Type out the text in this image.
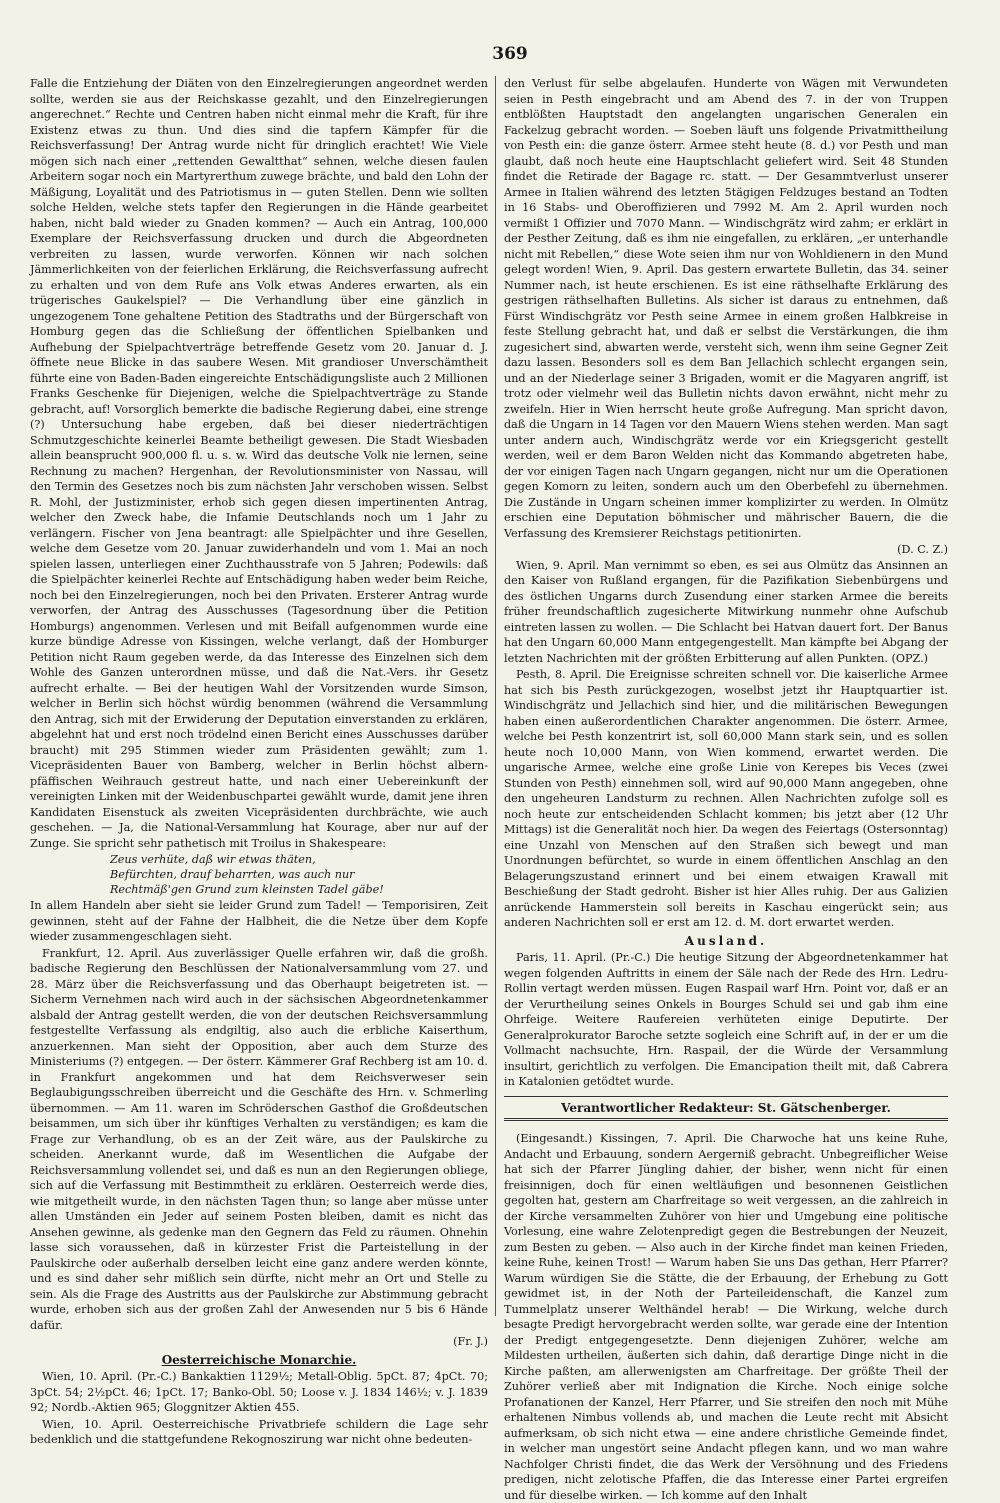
369

Falle die Entziehung der Diäten von den Einzelregierungen angeordnet werden sollte, werden sie aus der Reichskasse gezahlt, und den Einzelregierungen angerechnet.“ Rechte und Centren haben nicht einmal mehr die Kraft, für ihre Existenz etwas zu thun. Und dies sind die tapfern Kämpfer für die Reichsverfassung! Der Antrag wurde nicht für dringlich erachtet! Wie Viele mögen sich nach einer „rettenden Gewaltthat“ sehnen, welche diesen faulen Arbeitern sogar noch ein Martyrerthum zuwege brächte, und bald den Lohn der Mäßigung, Loyalität und des Patriotismus in — guten Stellen. Denn wie sollten solche Helden, welche stets tapfer den Regierungen in die Hände gearbeitet haben, nicht bald wieder zu Gnaden kommen? — Auch ein Antrag, 100,000 Exemplare der Reichsverfassung drucken und durch die Abgeordneten verbreiten zu lassen, wurde verworfen. Können wir nach solchen Jämmerlichkeiten von der feierlichen Erklärung, die Reichsverfassung aufrecht zu erhalten und von dem Rufe ans Volk etwas Anderes erwarten, als ein trügerisches Gaukelspiel? — Die Verhandlung über eine gänzlich in ungezogenem Tone gehaltene Petition des Stadtraths und der Bürgerschaft von Homburg gegen das die Schließung der öffentlichen Spielbanken und Aufhebung der Spielpachtverträge betreffende Gesetz vom 20. Januar d. J. öffnete neue Blicke in das saubere Wesen. Mit grandioser Unverschämtheit führte eine von Baden-Baden eingereichte Entschädigungsliste auch 2 Millionen Franks Geschenke für Diejenigen, welche die Spielpachtverträge zu Stande gebracht, auf! Vorsorglich bemerkte die badische Regierung dabei, eine strenge (?) Untersuchung habe ergeben, daß bei dieser niederträchtigen Schmutzgeschichte keinerlei Beamte betheiligt gewesen. Die Stadt Wiesbaden allein beansprucht 900,000 fl. u. s. w. Wird das deutsche Volk nie lernen, seine Rechnung zu machen? Hergenhan, der Revolutionsminister von Nassau, will den Termin des Gesetzes noch bis zum nächsten Jahr verschoben wissen. Selbst R. Mohl, der Justizminister, erhob sich gegen diesen impertinenten Antrag, welcher den Zweck habe, die Infamie Deutschlands noch um 1 Jahr zu verlängern. Fischer von Jena beantragt: alle Spielpächter und ihre Gesellen, welche dem Gesetze vom 20. Januar zuwiderhandeln und vom 1. Mai an noch spielen lassen, unterliegen einer Zuchthausstrafe von 5 Jahren; Podewils: daß die Spielpächter keinerlei Rechte auf Entschädigung haben weder beim Reiche, noch bei den Einzelregierungen, noch bei den Privaten. Ersterer Antrag wurde verworfen, der Antrag des Ausschusses (Tagesordnung über die Petition Homburgs) angenommen. Verlesen und mit Beifall aufgenommen wurde eine kurze bündige Adresse von Kissingen, welche verlangt, daß der Homburger Petition nicht Raum gegeben werde, da das Interesse des Einzelnen sich dem Wohle des Ganzen unterordnen müsse, und daß die Nat.-Vers. ihr Gesetz aufrecht erhalte. — Bei der heutigen Wahl der Vorsitzenden wurde Simson, welcher in Berlin sich höchst würdig benommen (während die Versammlung den Antrag, sich mit der Erwiderung der Deputation einverstanden zu erklären, abgelehnt hat und erst noch trödelnd einen Bericht eines Ausschusses darüber braucht) mit 295 Stimmen wieder zum Präsidenten gewählt; zum 1. Vicepräsidenten Bauer von Bamberg, welcher in Berlin höchst albern-pfäffischen Weihrauch gestreut hatte, und nach einer Uebereinkunft der vereinigten Linken mit der Weidenbuschpartei gewählt wurde, damit jene ihren Kandidaten Eisenstuck als zweiten Vicepräsidenten durchbrächte, wie auch geschehen. — Ja, die National-Versammlung hat Kourage, aber nur auf der Zunge. Sie spricht sehr pathetisch mit Troilus in Shakespeare:

Zeus verhüte, daß wir etwas thäten,
Befürchten, drauf beharrten, was auch nur
Rechtmäß'gen Grund zum kleinsten Tadel gäbe!

In allem Handeln aber sieht sie leider Grund zum Tadel! — Temporisiren, Zeit gewinnen, steht auf der Fahne der Halbheit, die die Netze über dem Kopfe wieder zusammengeschlagen sieht.

Frankfurt, 12. April. Aus zuverlässiger Quelle erfahren wir, daß die großh. badische Regierung den Beschlüssen der Nationalversammlung vom 27. und 28. März über die Reichsverfassung und das Oberhaupt beigetreten ist. — Sicherm Vernehmen nach wird auch in der sächsischen Abgeordnetenkammer alsbald der Antrag gestellt werden, die von der deutschen Reichsversammlung festgestellte Verfassung als endgiltig, also auch die erbliche Kaiserthum, anzuerkennen. Man sieht der Opposition, aber auch dem Sturze des Ministeriums (?) entgegen. — Der österr. Kämmerer Graf Rechberg ist am 10. d. in Frankfurt angekommen und hat dem Reichsverweser sein Beglaubigungsschreiben überreicht und die Geschäfte des Hrn. v. Schmerling übernommen. — Am 11. waren im Schröderschen Gasthof die Großdeutschen beisammen, um sich über ihr künftiges Verhalten zu verständigen; es kam die Frage zur Verhandlung, ob es an der Zeit wäre, aus der Paulskirche zu scheiden. Anerkannt wurde, daß im Wesentlichen die Aufgabe der Reichsversammlung vollendet sei, und daß es nun an den Regierungen obliege, sich auf die Verfassung mit Bestimmtheit zu erklären. Oesterreich werde dies, wie mitgetheilt wurde, in den nächsten Tagen thun; so lange aber müsse unter allen Umständen ein Jeder auf seinem Posten bleiben, damit es nicht das Ansehen gewinne, als gedenke man den Gegnern das Feld zu räumen. Ohnehin lasse sich voraussehen, daß in kürzester Frist die Parteistellung in der Paulskirche oder außerhalb derselben leicht eine ganz andere werden könnte, und es sind daher sehr mißlich sein dürfte, nicht mehr an Ort und Stelle zu sein. Als die Frage des Austritts aus der Paulskirche zur Abstimmung gebracht wurde, erhoben sich aus der großen Zahl der Anwesenden nur 5 bis 6 Hände dafür.

(Fr. J.)
Oesterreichische Monarchie.

Wien, 10. April. (Pr.-C.) Bankaktien 1129½; Metall-Oblig. 5pCt. 87; 4pCt. 70; 3pCt. 54; 2½pCt. 46; 1pCt. 17; Banko-Obl. 50; Loose v. J. 1834 146½; v. J. 1839 92; Nordb.-Aktien 965; Gloggnitzer Aktien 455.

Wien, 10. April. Oesterreichische Privatbriefe schildern die Lage sehr bedenklich und die stattgefundene Rekognoszirung war nicht ohne bedeuten-

den Verlust für selbe abgelaufen. Hunderte von Wägen mit Verwundeten seien in Pesth eingebracht und am Abend des 7. in der von Truppen entblößten Hauptstadt den angelangten ungarischen Generalen ein Fackelzug gebracht worden. — Soeben läuft uns folgende Privatmittheilung von Pesth ein: die ganze österr. Armee steht heute (8. d.) vor Pesth und man glaubt, daß noch heute eine Hauptschlacht geliefert wird. Seit 48 Stunden findet die Retirade der Bagage rc. statt. — Der Gesammtverlust unserer Armee in Italien während des letzten 5tägigen Feldzuges bestand an Todten in 16 Stabs- und Oberoffizieren und 7992 M. Am 2. April wurden noch vermißt 1 Offizier und 7070 Mann. — Windischgrätz wird zahm; er erklärt in der Pesther Zeitung, daß es ihm nie eingefallen, zu erklären, „er unterhandle nicht mit Rebellen,“ diese Wote seien ihm nur von Wohldienern in den Mund gelegt worden! Wien, 9. April. Das gestern erwartete Bulletin, das 34. seiner Nummer nach, ist heute erschienen. Es ist eine räthselhafte Erklärung des gestrigen räthselhaften Bulletins. Als sicher ist daraus zu entnehmen, daß Fürst Windischgrätz vor Pesth seine Armee in einem großen Halbkreise in feste Stellung gebracht hat, und daß er selbst die Verstärkungen, die ihm zugesichert sind, abwarten werde, versteht sich, wenn ihm seine Gegner Zeit dazu lassen. Besonders soll es dem Ban Jellachich schlecht ergangen sein, und an der Niederlage seiner 3 Brigaden, womit er die Magyaren angriff, ist trotz oder vielmehr weil das Bulletin nichts davon erwähnt, nicht mehr zu zweifeln. Hier in Wien herrscht heute große Aufregung. Man spricht davon, daß die Ungarn in 14 Tagen vor den Mauern Wiens stehen werden. Man sagt unter andern auch, Windischgrätz werde vor ein Kriegsgericht gestellt werden, weil er dem Baron Welden nicht das Kommando abgetreten habe, der vor einigen Tagen nach Ungarn gegangen, nicht nur um die Operationen gegen Komorn zu leiten, sondern auch um den Oberbefehl zu übernehmen. Die Zustände in Ungarn scheinen immer komplizirter zu werden. In Olmütz erschien eine Deputation böhmischer und mährischer Bauern, die die Verfassung des Kremsierer Reichstags petitionirten.

(D. C. Z.)

Wien, 9. April. Man vernimmt so eben, es sei aus Olmütz das Ansinnen an den Kaiser von Rußland ergangen, für die Pazifikation Siebenbürgens und des östlichen Ungarns durch Zusendung einer starken Armee die bereits früher freundschaftlich zugesicherte Mitwirkung nunmehr ohne Aufschub eintreten lassen zu wollen. — Die Schlacht bei Hatvan dauert fort. Der Banus hat den Ungarn 60,000 Mann entgegengestellt. Man kämpfte bei Abgang der letzten Nachrichten mit der größten Erbitterung auf allen Punkten. (OPZ.)

Pesth, 8. April. Die Ereignisse schreiten schnell vor. Die kaiserliche Armee hat sich bis Pesth zurückgezogen, woselbst jetzt ihr Hauptquartier ist. Windischgrätz und Jellachich sind hier, und die militärischen Bewegungen haben einen außerordentlichen Charakter angenommen. Die österr. Armee, welche bei Pesth konzentrirt ist, soll 60,000 Mann stark sein, und es sollen heute noch 10,000 Mann, von Wien kommend, erwartet werden. Die ungarische Armee, welche eine große Linie von Kerepes bis Veces (zwei Stunden von Pesth) einnehmen soll, wird auf 90,000 Mann angegeben, ohne den ungeheuren Landsturm zu rechnen. Allen Nachrichten zufolge soll es noch heute zur entscheidenden Schlacht kommen; bis jetzt aber (12 Uhr Mittags) ist die Generalität noch hier. Da wegen des Feiertags (Ostersonntag) eine Unzahl von Menschen auf den Straßen sich bewegt und man Unordnungen befürchtet, so wurde in einem öffentlichen Anschlag an den Belagerungszustand erinnert und bei einem etwaigen Krawall mit Beschießung der Stadt gedroht. Bisher ist hier Alles ruhig. Der aus Galizien anrückende Hammerstein soll bereits in Kaschau eingerückt sein; aus anderen Nachrichten soll er erst am 12. d. M. dort erwartet werden.

Ausland.

Paris, 11. April. (Pr.-C.) Die heutige Sitzung der Abgeordnetenkammer hat wegen folgenden Auftritts in einem der Säle nach der Rede des Hrn. Ledru-Rollin vertagt werden müssen. Eugen Raspail warf Hrn. Point vor, daß er an der Verurtheilung seines Onkels in Bourges Schuld sei und gab ihm eine Ohrfeige. Weitere Raufereien verhüteten einige Deputirte. Der Generalprokurator Baroche setzte sogleich eine Schrift auf, in der er um die Vollmacht nachsuchte, Hrn. Raspail, der die Würde der Versammlung insultirt, gerichtlich zu verfolgen. Die Emancipation theilt mit, daß Cabrera in Katalonien getödtet wurde.

Verantwortlicher Redakteur: St. Gätschenberger.

(Eingesandt.) Kissingen, 7. April. Die Charwoche hat uns keine Ruhe, Andacht und Erbauung, sondern Aergerniß gebracht. Unbegreiflicher Weise hat sich der Pfarrer Jüngling dahier, der bisher, wenn nicht für einen freisinnigen, doch für einen weltläufigen und besonnenen Geistlichen gegolten hat, gestern am Charfreitage so weit vergessen, an die zahlreich in der Kirche versammelten Zuhörer von hier und Umgebung eine politische Vorlesung, eine wahre Zelotenpredigt gegen die Bestrebungen der Neuzeit, zum Besten zu geben. — Also auch in der Kirche findet man keinen Frieden, keine Ruhe, keinen Trost! — Warum haben Sie uns Das gethan, Herr Pfarrer? Warum würdigen Sie die Stätte, die der Erbauung, der Erhebung zu Gott gewidmet ist, in der Noth der Parteileidenschaft, die Kanzel zum Tummelplatz unserer Welthändel herab! — Die Wirkung, welche durch besagte Predigt hervorgebracht werden sollte, war gerade eine der Intention der Predigt entgegengesetzte. Denn diejenigen Zuhörer, welche am Mildesten urtheilen, äußerten sich dahin, daß derartige Dinge nicht in die Kirche paßten, am allerwenigsten am Charfreitage. Der größte Theil der Zuhörer verließ aber mit Indignation die Kirche. Noch einige solche Profanationen der Kanzel, Herr Pfarrer, und Sie streifen den noch mit Mühe erhaltenen Nimbus vollends ab, und machen die Leute recht mit Absicht aufmerksam, ob sich nicht etwa — eine andere christliche Gemeinde findet, in welcher man ungestört seine Andacht pflegen kann, und wo man wahre Nachfolger Christi findet, die das Werk der Versöhnung und des Friedens predigen, nicht zelotische Pfaffen, die das Interesse einer Partei ergreifen und für dieselbe wirken. — Ich komme auf den Inhalt
